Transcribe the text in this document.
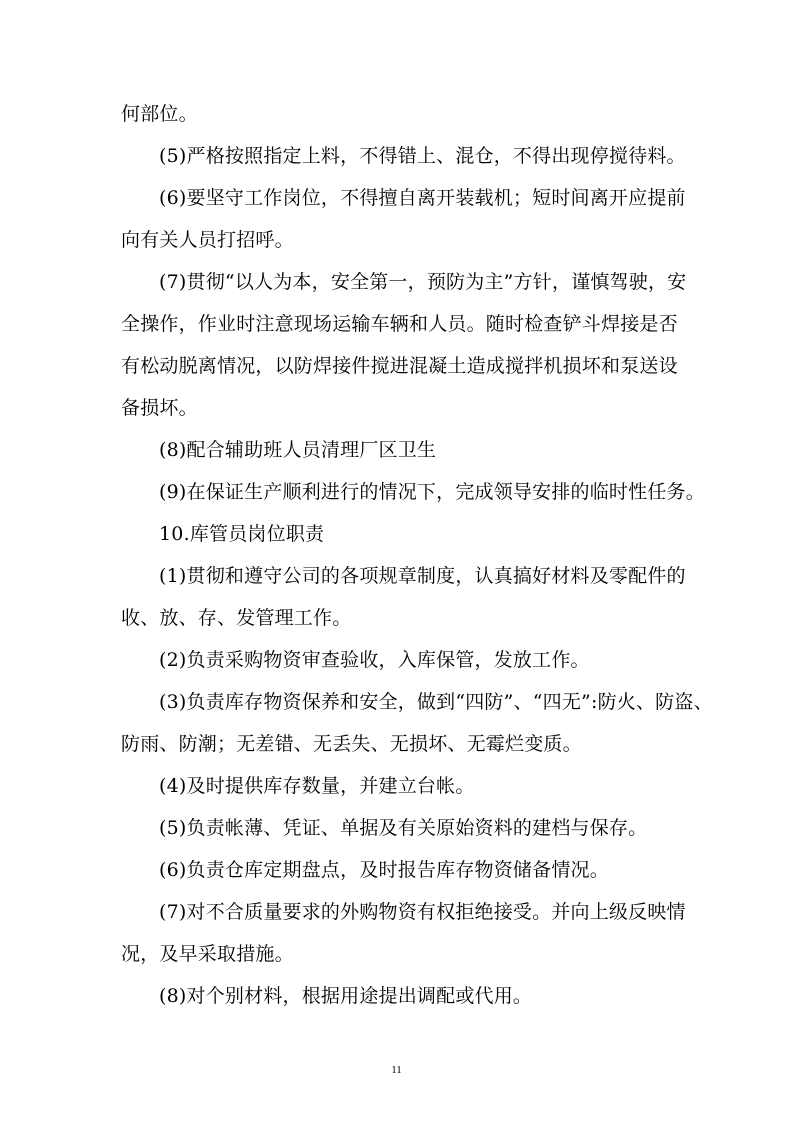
何部位。
(5)严格按照指定上料，不得错上、混仓，不得出现停搅待料。
(6)要坚守工作岗位，不得擅自离开装载机；短时间离开应提前
向有关人员打招呼。
(7)贯彻“以人为本，安全第一，预防为主”方针，谨慎驾驶，安
全操作，作业时注意现场运输车辆和人员。随时检查铲斗焊接是否
有松动脱离情况，以防焊接件搅进混凝土造成搅拌机损坏和泵送设
备损坏。
(8)配合辅助班人员清理厂区卫生
(9)在保证生产顺利进行的情况下，完成领导安排的临时性任务。
10.库管员岗位职责
(1)贯彻和遵守公司的各项规章制度，认真搞好材料及零配件的
收、放、存、发管理工作。
(2)负责采购物资审查验收，入库保管，发放工作。
(3)负责库存物资保养和安全，做到“四防”、“四无”:防火、防盗、
防雨、防潮；无差错、无丢失、无损坏、无霉烂变质。
(4)及时提供库存数量，并建立台帐。
(5)负责帐薄、凭证、单据及有关原始资料的建档与保存。
(6)负责仓库定期盘点，及时报告库存物资储备情况。
(7)对不合质量要求的外购物资有权拒绝接受。并向上级反映情
况，及早采取措施。
(8)对个别材料，根据用途提出调配或代用。
11
